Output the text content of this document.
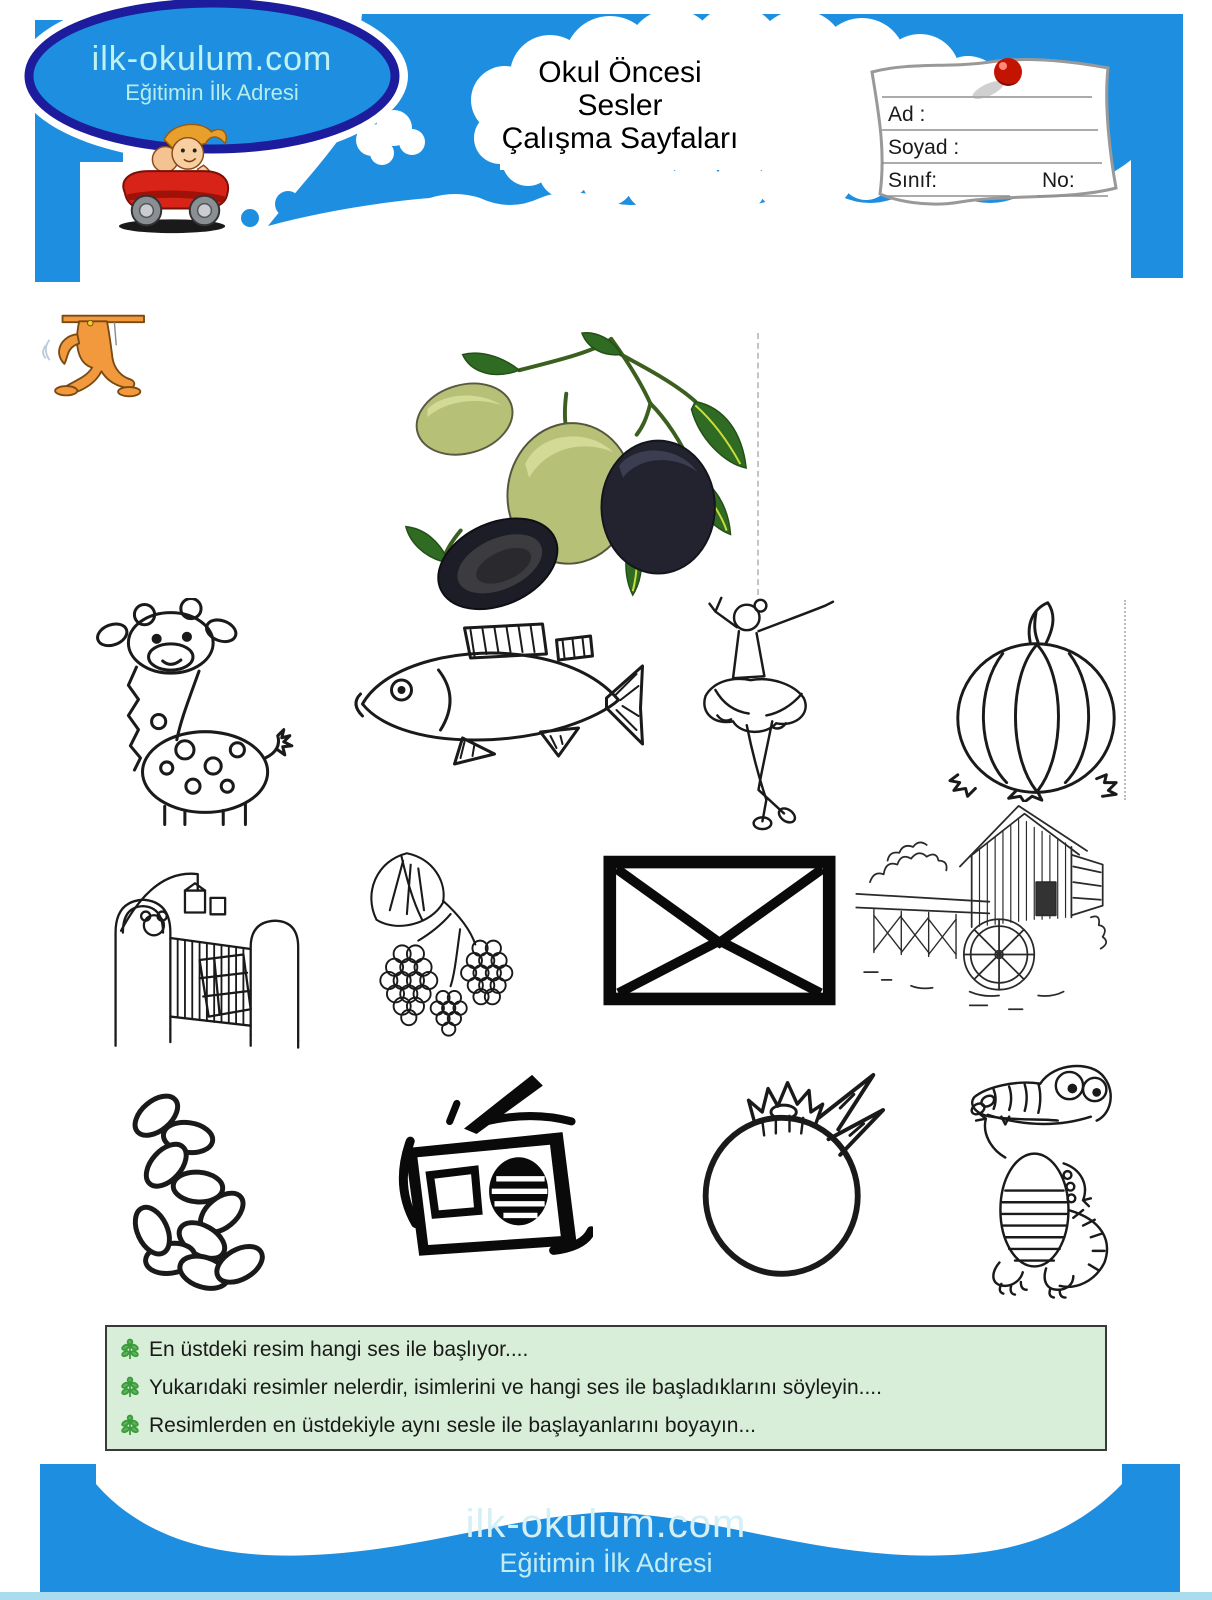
ilk-okulum.com
Eğitimin İlk Adresi
Okul Öncesi
Sesler
Çalışma Sayfaları
Ad :
Soyad :
Sınıf:	No:
En üstdeki resim hangi ses ile başlıyor....
Yukarıdaki resimler nelerdir, isimlerini ve hangi ses ile başladıklarını söyleyin....
Resimlerden en üstdekiyle aynı sesle ile başlayanlarını boyayın...
ilk-okulum.com
Eğitimin İlk Adresi
